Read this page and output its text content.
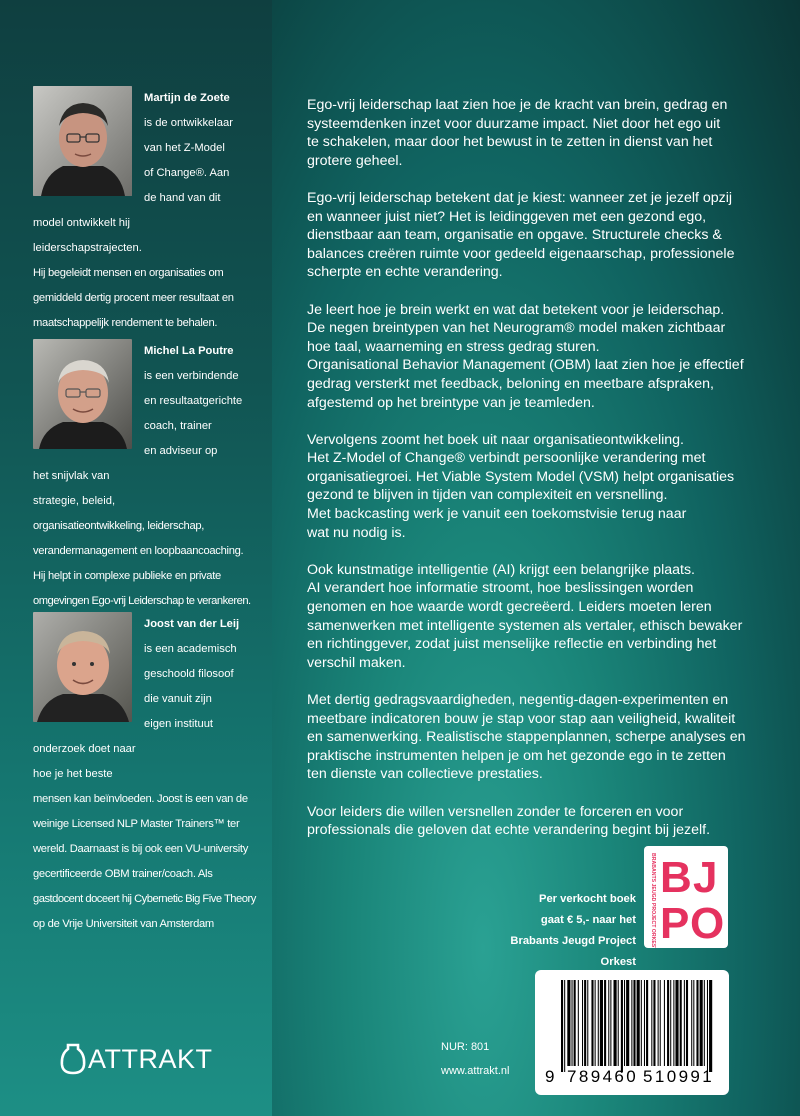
Martijn de Zoete
is de ontwikkelaar
van het Z-Model
of Change®. Aan
de hand van dit
model ontwikkelt hij
leiderschapstrajecten.
Hij begeleidt mensen en organisaties om
gemiddeld dertig procent meer resultaat en
maatschappelijk rendement te behalen.
Michel La Poutre
is een verbindende
en resultaatgerichte
coach, trainer
en adviseur op
het snijvlak van
strategie, beleid,
organisatieontwikkeling, leiderschap,
verandermanagement en loopbaancoaching.
Hij helpt in complexe publieke en private
omgevingen Ego-vrij Leiderschap te verankeren.
Joost van der Leij
is een academisch
geschoold filosoof
die vanuit zijn
eigen instituut
onderzoek doet naar
hoe je het beste
mensen kan beïnvloeden. Joost is een van de
weinige Licensed NLP Master Trainers™ ter
wereld. Daarnaast is bij ook een VU-university
gecertificeerde OBM trainer/coach. Als
gastdocent doceert hij Cybernetic Big Five Theory
op de Vrije Universiteit van Amsterdam

Ego-vrij leiderschap laat zien hoe je de kracht van brein, gedrag en
systeemdenken inzet voor duurzame impact. Niet door het ego uit
te schakelen, maar door het bewust in te zetten in dienst van het
grotere geheel.

Ego-vrij leiderschap betekent dat je kiest: wanneer zet je jezelf opzij
en wanneer juist niet? Het is leidinggeven met een gezond ego,
dienstbaar aan team, organisatie en opgave. Structurele checks &
balances creëren ruimte voor gedeeld eigenaarschap, professionele
scherpte en echte verandering.

Je leert hoe je brein werkt en wat dat betekent voor je leiderschap.
De negen breintypen van het Neurogram® model maken zichtbaar
hoe taal, waarneming en stress gedrag sturen.
Organisational Behavior Management (OBM) laat zien hoe je effectief
gedrag versterkt met feedback, beloning en meetbare afspraken,
afgestemd op het breintype van je teamleden.

Vervolgens zoomt het boek uit naar organisatieontwikkeling.
Het Z-Model of Change® verbindt persoonlijke verandering met
organisatiegroei. Het Viable System Model (VSM) helpt organisaties
gezond te blijven in tijden van complexiteit en versnelling.
Met backcasting werk je vanuit een toekomstvisie terug naar
wat nu nodig is.

Ook kunstmatige intelligentie (AI) krijgt een belangrijke plaats.
AI verandert hoe informatie stroomt, hoe beslissingen worden
genomen en hoe waarde wordt gecreëerd. Leiders moeten leren
samenwerken met intelligente systemen als vertaler, ethisch bewaker
en richtinggever, zodat juist menselijke reflectie en verbinding het
verschil maken.

Met dertig gedragsvaardigheden, negentig-dagen-experimenten en
meetbare indicatoren bouw je stap voor stap aan veiligheid, kwaliteit
en samenwerking. Realistische stappenplannen, scherpe analyses en
praktische instrumenten helpen je om het gezonde ego in te zetten
ten dienste van collectieve prestaties.

Voor leiders die willen versnellen zonder te forceren en voor
professionals die geloven dat echte verandering begint bij jezelf.

Per verkocht boek
gaat € 5,- naar het
Brabants Jeugd Project Orkest
BRABANTS JEUGD PROJECT ORKEST B J
P O
9 789460 510991
NUR: 801
www.attrakt.nl
ATTRAKT
